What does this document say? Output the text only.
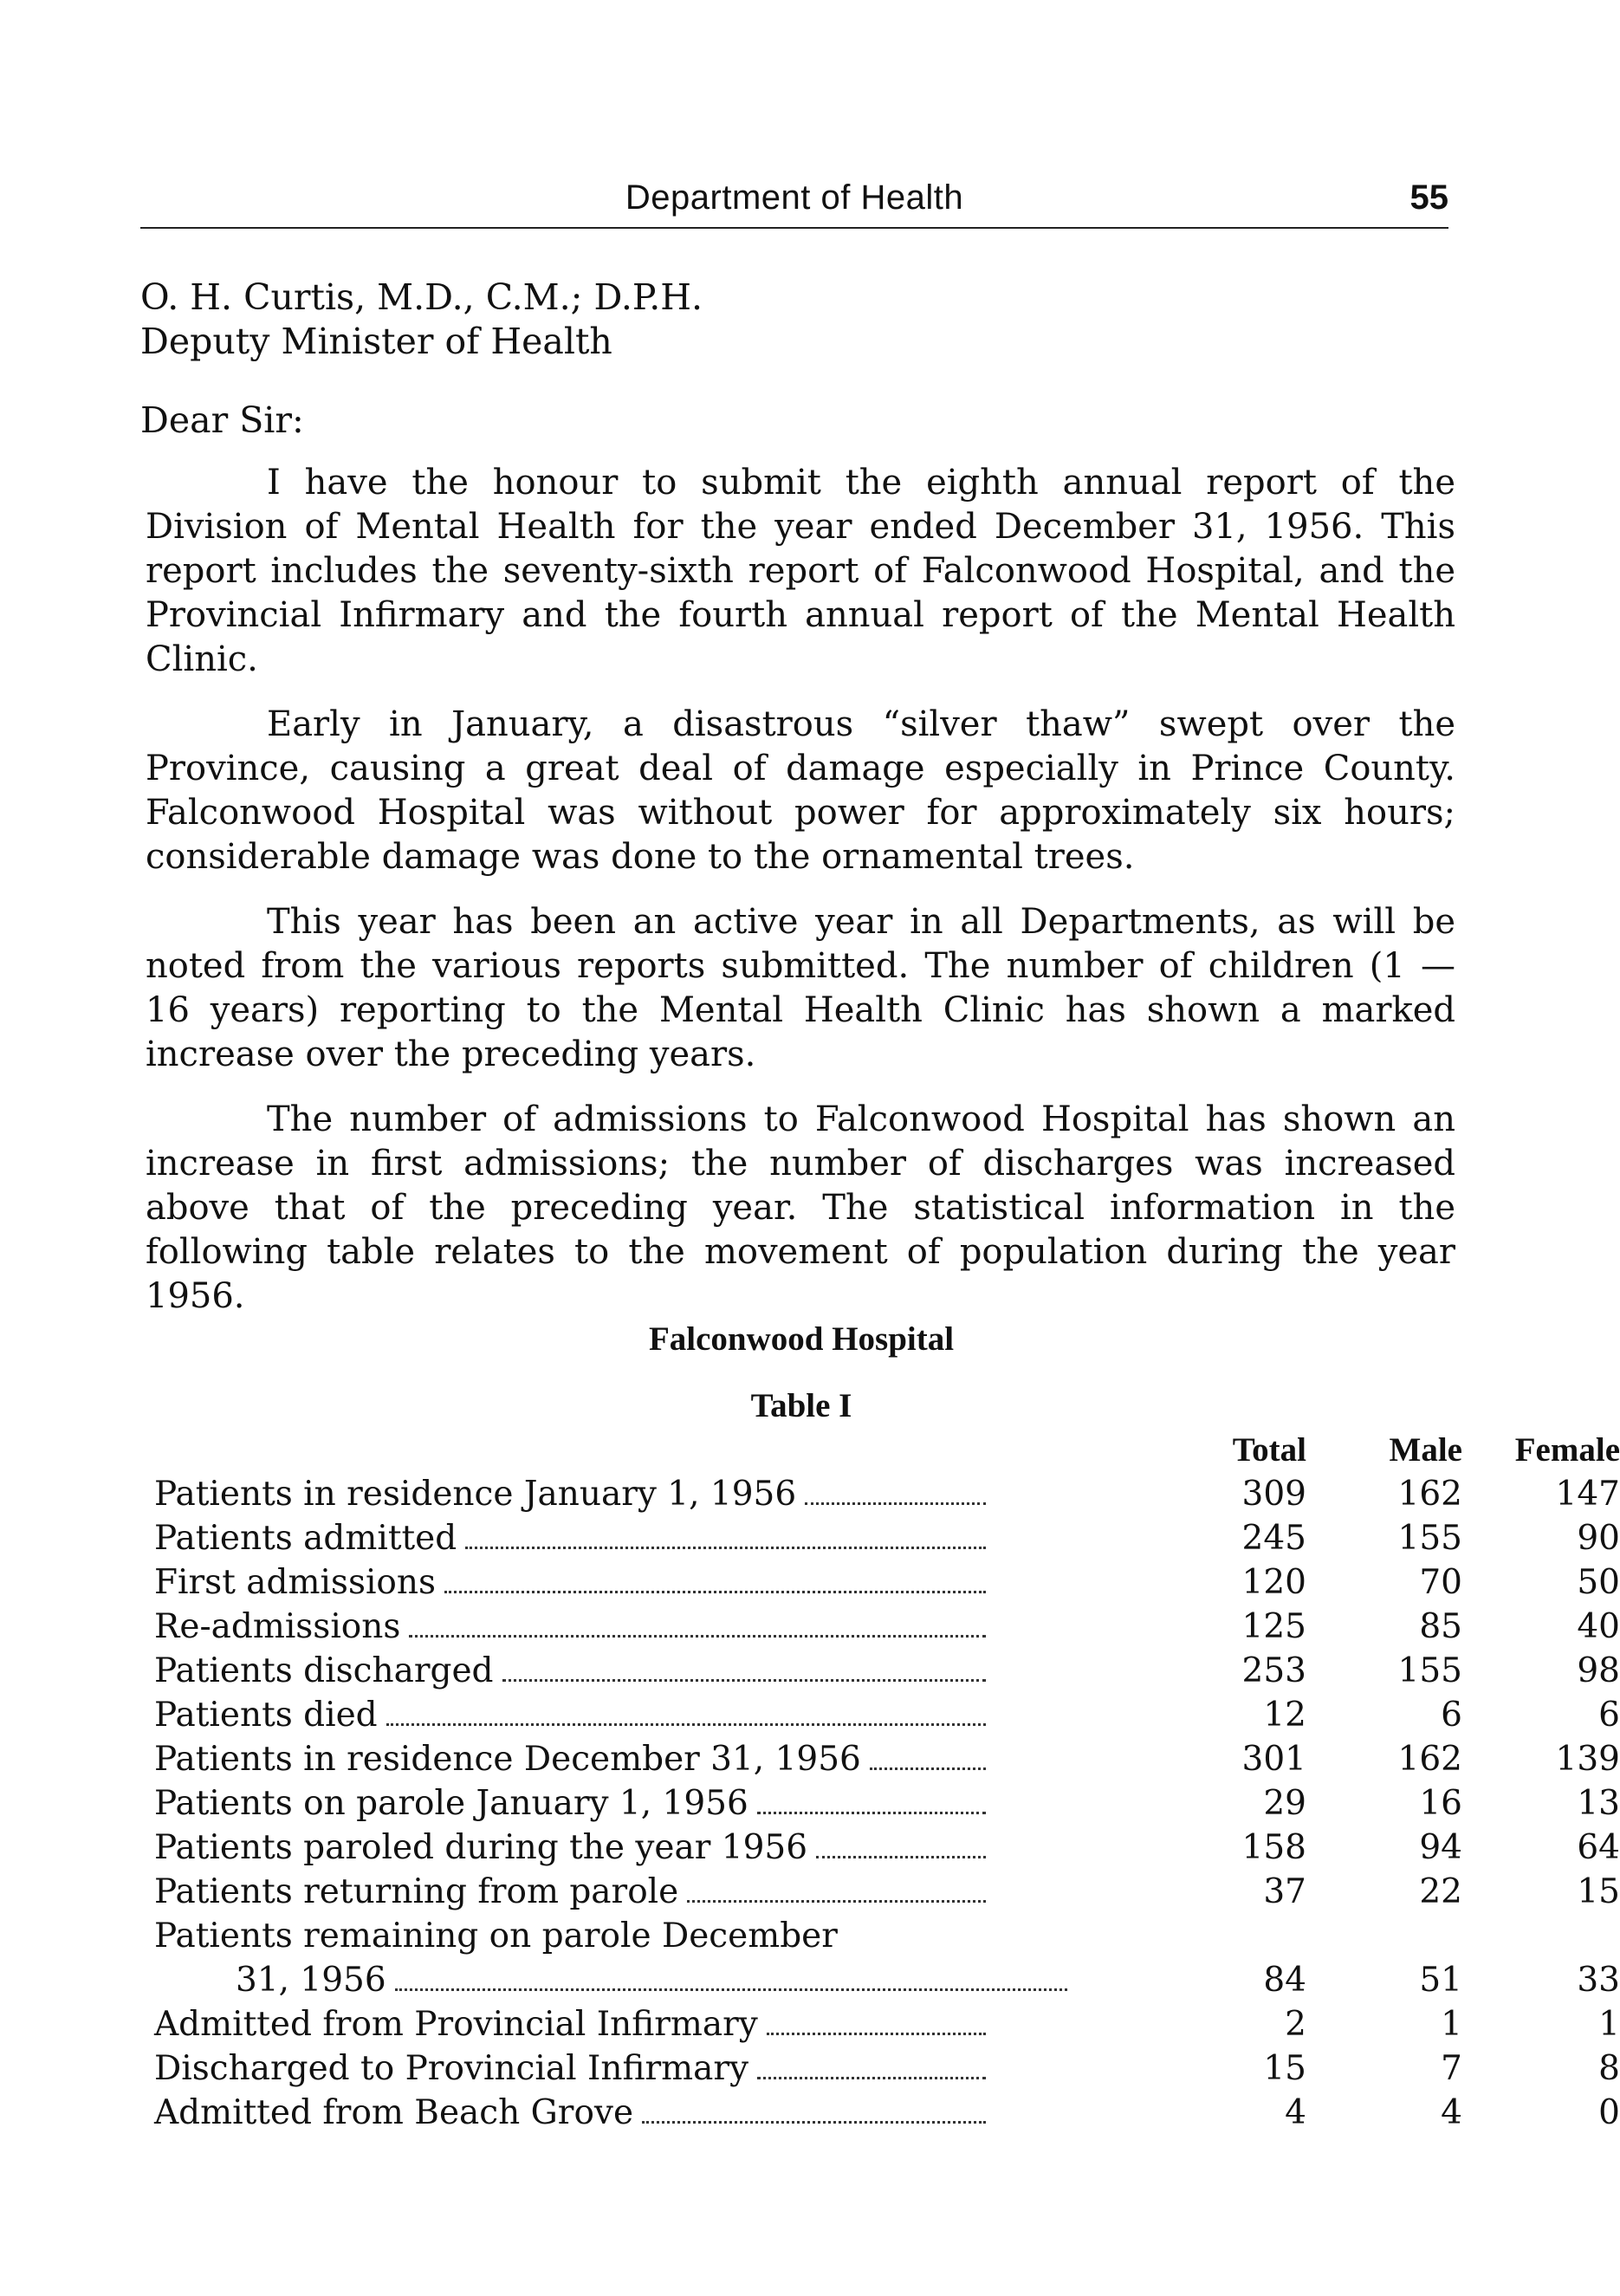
Department of Health	55
O. H. Curtis, M.D., C.M.; D.P.H.
Deputy Minister of Health
Dear Sir:

I have the honour to submit the eighth annual report of the Division of Mental Health for the year ended December 31, 1956. This report includes the seventy-sixth report of Falconwood Hospital, and the Provincial Infirmary and the fourth annual report of the Mental Health Clinic.

Early in January, a disastrous “silver thaw” swept over the Province, causing a great deal of damage especially in Prince County. Falconwood Hospital was without power for approximately six hours; considerable damage was done to the ornamental trees.

This year has been an active year in all Departments, as will be noted from the various reports submitted. The number of children (1 — 16 years) reporting to the Mental Health Clinic has shown a marked increase over the preceding years.

The number of admissions to Falconwood Hospital has shown an increase in first admissions; the number of discharges was increased above that of the preceding year. The statistical information in the following table relates to the movement of population during the year 1956.

Falconwood Hospital
Table I
Total	Male	Female
Patients in residence January 1, 1956	309	162	147
Patients admitted	245	155	90
First admissions	120	70	50
Re-admissions	125	85	40
Patients discharged	253	155	98
Patients died	12	6	6
Patients in residence December 31, 1956	301	162	139
Patients on parole January 1, 1956	29	16	13
Patients paroled during the year 1956	158	94	64
Patients returning from parole	37	22	15
Patients remaining on parole December
31, 1956	84	51	33
Admitted from Provincial Infirmary	2	1	1
Discharged to Provincial Infirmary	15	7	8
Admitted from Beach Grove	4	4	0
